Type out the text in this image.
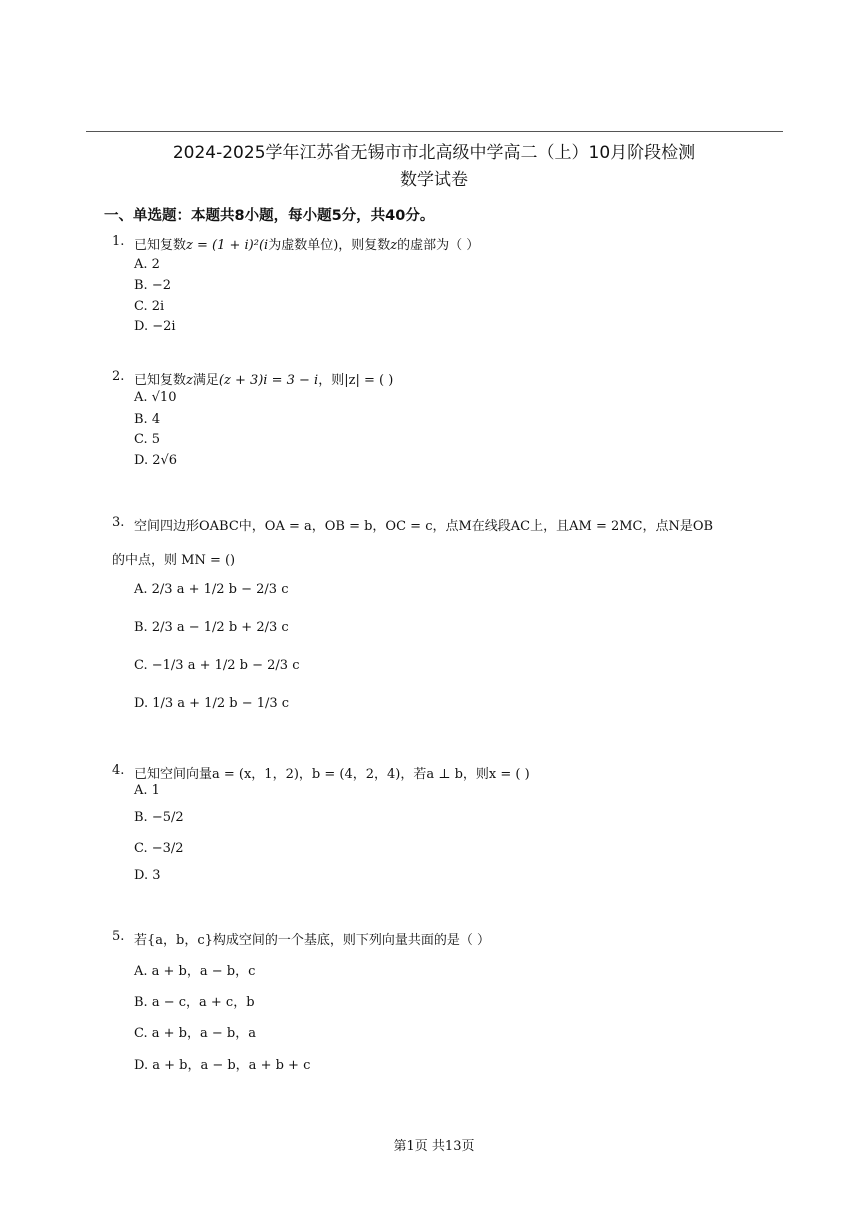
2024-2025学年江苏省无锡市市北高级中学高二（上）10月阶段检测
数学试卷
一、单选题：本题共8小题，每小题5分，共40分。
1. 已知复数z = (1 + i)²(i为虚数单位)，则复数z的虚部为（ ）
A. 2
B. −2
C. 2i
D. −2i
2. 已知复数z满足(z + 3)i = 3 − i，则|z| = ( )
A. √10
B. 4
C. 5
D. 2√6
3. 空间四边形OABC中，OA = a，OB = b，OC = c，点M在线段AC上，且AM = 2MC，点N是OB
的中点，则 MN = ()
A. 2/3 a + 1/2 b − 2/3 c
B. 2/3 a − 1/2 b + 2/3 c
C. −1/3 a + 1/2 b − 2/3 c
D. 1/3 a + 1/2 b − 1/3 c
4. 已知空间向量a = (x，1，2)，b = (4，2，4)，若a ⊥ b，则x = ( )
A. 1
B. −5/2
C. −3/2
D. 3
5. 若{a，b，c}构成空间的一个基底，则下列向量共面的是（ ）
A. a + b，a − b，c
B. a − c，a + c，b
C. a + b，a − b，a
D. a + b，a − b，a + b + c
第1页 共13页
